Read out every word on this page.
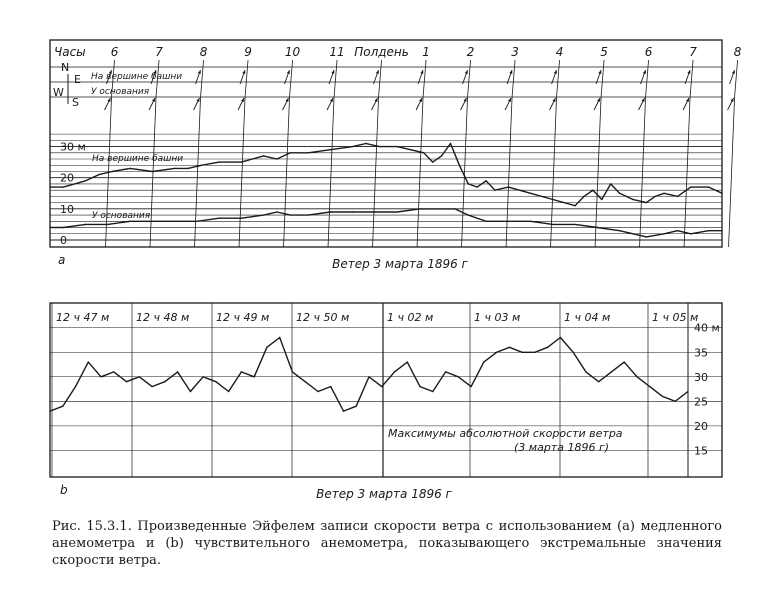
6	7	8	9	10 11 Полдень 1	2	3	4	5	6	7	8
0
10
20
30 м
12 ч 47 м 12 ч 48 м 12 ч 49 м 12 ч 50 м	1 ч 02 м	1 ч 03 м	1 ч 04 м	1 ч 05 м
15
20
25
30
35
40 м
Часы
N
E
W
S
На вершине башни
У основания
На вершине башни
У основания
a	Ветер 3 марта 1896 г
Максимумы абсолютной скорости ветра
(3 марта 1896 г)
b	Ветер 3 марта 1896 г
Рис. 15.3.1. Произведенные Эйфелем записи скорости ветра с использованием (a) медленного анемометра и (b) чувствительного анемометра, показывающего экстремальные значения скорости ветра.
